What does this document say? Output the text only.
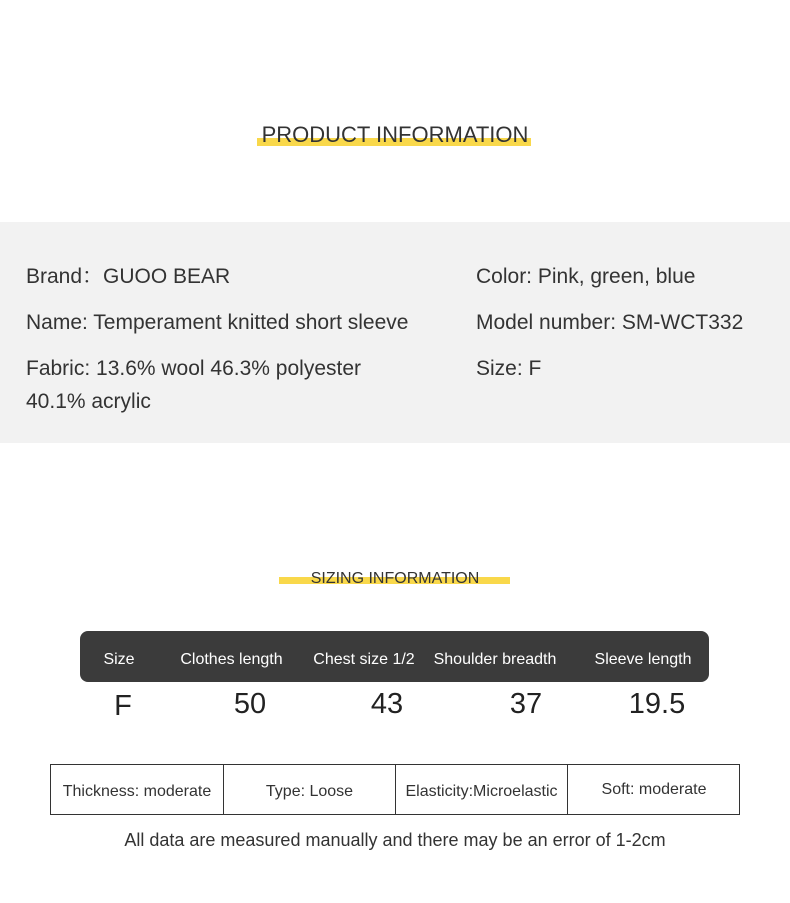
PRODUCT INFORMATION
Brand：GUOO BEAR
Name: Temperament knitted short sleeve
Fabric: 13.6% wool 46.3% polyester
40.1% acrylic
Color: Pink, green, blue
Model number: SM-WCT332
Size: F
SIZING INFORMATION
Size	Clothes length	Chest size 1/2	Shoulder breadth	Sleeve length
F	50	43	37	19.5
Thickness: moderate	Type: Loose	Elasticity:Microelastic	Soft: moderate
All data are measured manually and there may be an error of 1-2cm
